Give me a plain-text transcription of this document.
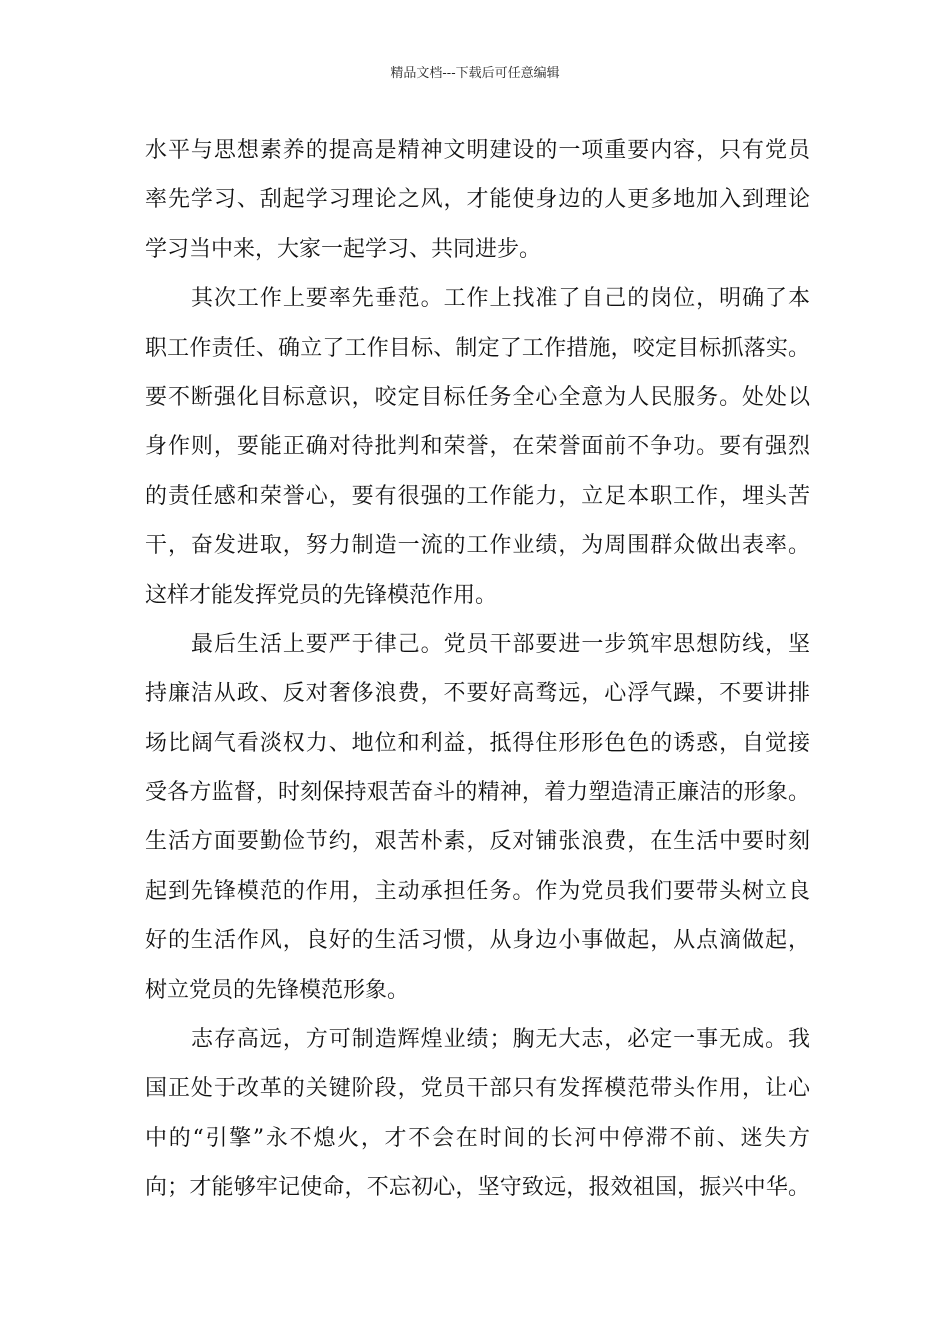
精品文档---下载后可任意编辑
水平与思想素养的提高是精神文明建设的一项重要内容，只有党员
率先学习、刮起学习理论之风，才能使身边的人更多地加入到理论
学习当中来，大家一起学习、共同进步。
其次工作上要率先垂范。工作上找准了自己的岗位，明确了本
职工作责任、确立了工作目标、制定了工作措施，咬定目标抓落实。
要不断强化目标意识，咬定目标任务全心全意为人民服务。处处以
身作则，要能正确对待批判和荣誉，在荣誉面前不争功。要有强烈
的责任感和荣誉心，要有很强的工作能力，立足本职工作，埋头苦
干，奋发进取，努力制造一流的工作业绩，为周围群众做出表率。
这样才能发挥党员的先锋模范作用。
最后生活上要严于律己。党员干部要进一步筑牢思想防线，坚
持廉洁从政、反对奢侈浪费，不要好高骛远，心浮气躁，不要讲排
场比阔气看淡权力、地位和利益，抵得住形形色色的诱惑，自觉接
受各方监督，时刻保持艰苦奋斗的精神，着力塑造清正廉洁的形象。
生活方面要勤俭节约，艰苦朴素，反对铺张浪费，在生活中要时刻
起到先锋模范的作用，主动承担任务。作为党员我们要带头树立良
好的生活作风，良好的生活习惯，从身边小事做起，从点滴做起，
树立党员的先锋模范形象。
志存高远，方可制造辉煌业绩；胸无大志，必定一事无成。我
国正处于改革的关键阶段，党员干部只有发挥模范带头作用，让心
中的“引擎”永不熄火，才不会在时间的长河中停滞不前、迷失方
向；才能够牢记使命，不忘初心，坚守致远，报效祖国，振兴中华。
